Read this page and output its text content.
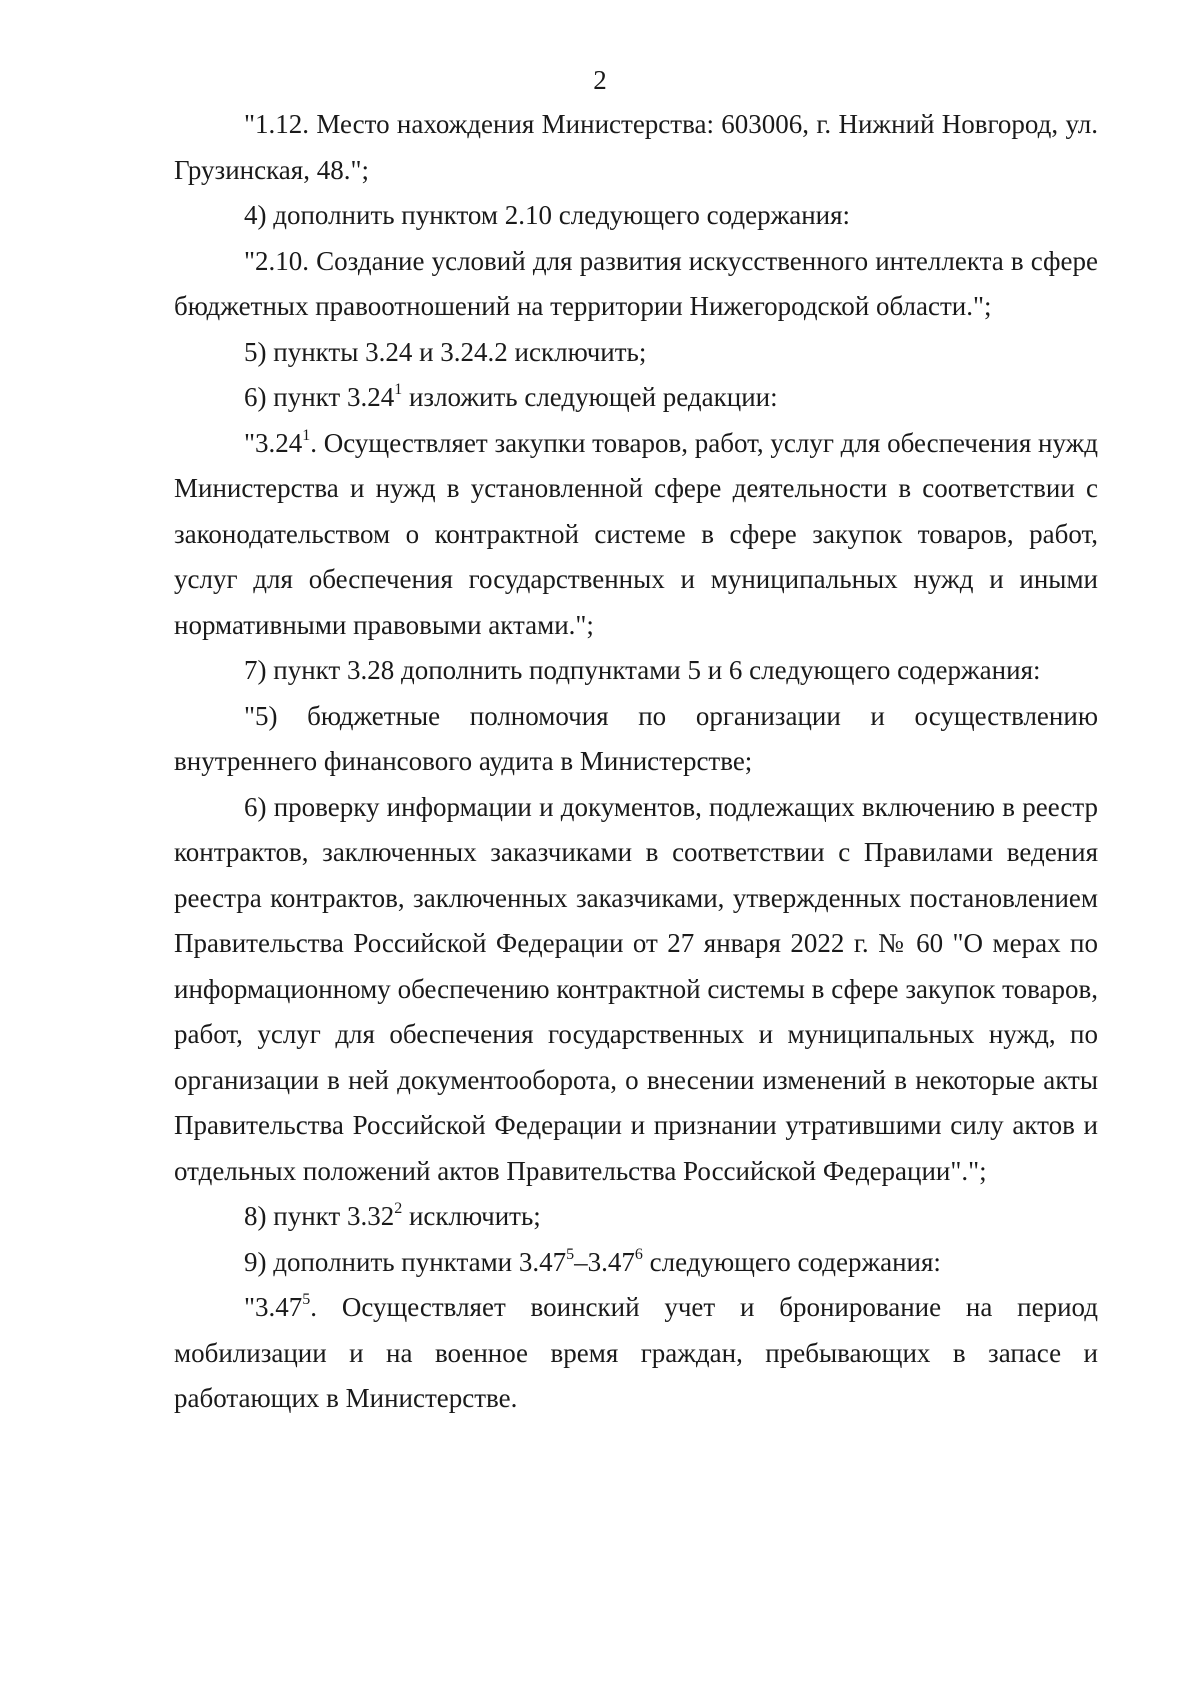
2

"1.12. Место нахождения Министерства: 603006, г. Нижний Новгород, ул. Грузинская, 48.";

4) дополнить пунктом 2.10 следующего содержания:

"2.10. Создание условий для развития искусственного интеллекта в сфере бюджетных правоотношений на территории Нижегородской области.";

5) пункты 3.24 и 3.24.2 исключить;

6) пункт 3.24$^1$ изложить следующей редакции:

"3.24$^1$. Осуществляет закупки товаров, работ, услуг для обеспечения нужд Министерства и нужд в установленной сфере деятельности в соответствии с законодательством о контрактной системе в сфере закупок товаров, работ, услуг для обеспечения государственных и муниципальных нужд и иными нормативными правовыми актами.";

7) пункт 3.28 дополнить подпунктами 5 и 6 следующего содержания:

"5) бюджетные полномочия по организации и осуществлению внутреннего финансового аудита в Министерстве;

6) проверку информации и документов, подлежащих включению в реестр контрактов, заключенных заказчиками в соответствии с Правилами ведения реестра контрактов, заключенных заказчиками, утвержденных постановлением Правительства Российской Федерации от 27 января 2022 г. № 60 "О мерах по информационному обеспечению контрактной системы в сфере закупок товаров, работ, услуг для обеспечения государственных и муниципальных нужд, по организации в ней документооборота, о внесении изменений в некоторые акты Правительства Российской Федерации и признании утратившими силу актов и отдельных положений актов Правительства Российской Федерации".";

8) пункт 3.32$^2$ исключить;

9) дополнить пунктами 3.47$^5$–3.47$^6$ следующего содержания:

"3.47$^5$. Осуществляет воинский учет и бронирование на период мобилизации и на военное время граждан, пребывающих в запасе и работающих в Министерстве.
